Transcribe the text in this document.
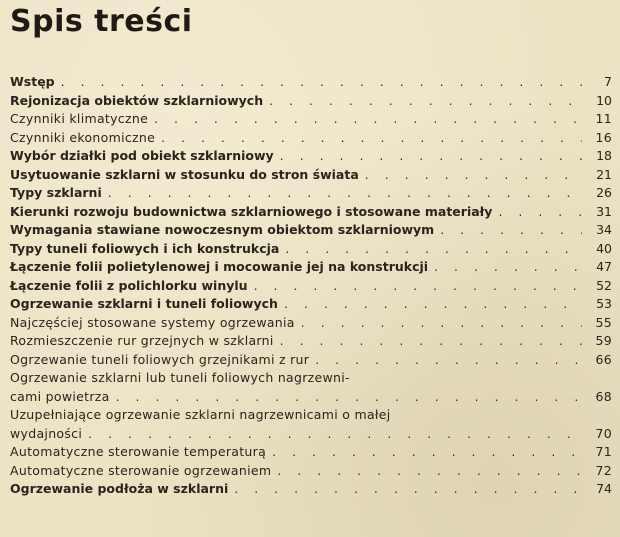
Spis treści
Wstęp . . .	7
Rejonizacja obiektów szklarniowych . . .	10
Czynniki klimatyczne . . .	11
Czynniki ekonomiczne . . .	16
Wybór działki pod obiekt szklarniowy . . .	18
Usytuowanie szklarni w stosunku do stron świata . . .	21
Typy szklarni . . .	26
Kierunki rozwoju budownictwa szklarniowego i stosowane materiały . . .	31
Wymagania stawiane nowoczesnym obiektom szklarniowym . . .	34
Typy tuneli foliowych i ich konstrukcja . . .	40
Łączenie folii polietylenowej i mocowanie jej na konstrukcji . . .	47
Łączenie folii z polichlorku winylu . . .	52
Ogrzewanie szklarni i tuneli foliowych . . .	53
Najczęściej stosowane systemy ogrzewania . . .	55
Rozmieszczenie rur grzejnych w szklarni . . .	59
Ogrzewanie tuneli foliowych grzejnikami z rur . . .	66
Ogrzewanie szklarni lub tuneli foliowych nagrzewni-
cami powietrza . . .	68
Uzupełniające ogrzewanie szklarni nagrzewnicami o małej
wydajności . . .	70
Automatyczne sterowanie temperaturą . . .	71
Automatyczne sterowanie ogrzewaniem . . .	72
Ogrzewanie podłoża w szklarni . . .	74
